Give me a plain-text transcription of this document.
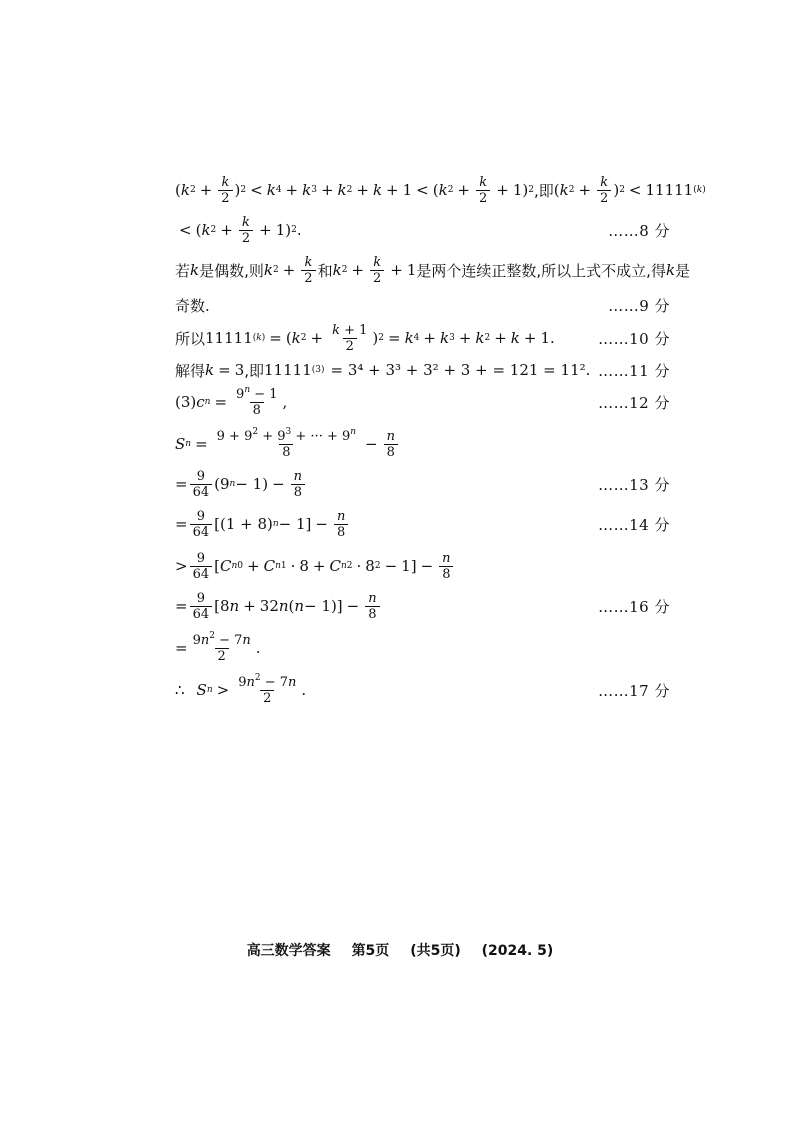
( k $2 + \frac{k}{2}$ ) 2 < k 4 + k 3 + k 2 + k + 1 < ( k $2 + \frac{k}{2} + 1$) 2 ,即 ( k $2 + \frac{k}{2}$ ) 2 < 11111 (k)
< ( k $2 + \frac{k}{2} + 1$) 2 .	……8 分
若 k 是偶数,则 k $2 + \frac{k}{2}$ 和 k $2 + \frac{k}{2} + 1$ 是两个连续正整数,所以上式不成立,得 k 是
奇数.	……9 分
所以 11111 (k) = ( k $2 + \frac{k + 1}{2}$ ) 2 = k 4 + k 3 + k 2 + k + 1.	……10 分
解得 k = 3 ,即 11111 (3) = 3⁴ + 3³ + 3² + 3 + = 121 = 11². ……11 分
(3) c $n = \frac{9^n - 1}{8}$ ,	……12 分
S $n = \frac{9 + 9^2 + 9^3 + \cdot\cdot\cdot + 9^n}{8} - \frac{n}{8}$
= $\frac{9}{64} (9$ $n - 1) - \frac{n}{8}$	……13 分
= $\frac{9}{64} [(1 + 8) n - 1] - \frac{n}{8}$	……14 分
> $\frac{9}{64}$ [ C n 0 + C n 1 · 8 + C n 2 · 8 $2 - 1] - \frac{n}{8}$
= $\frac{9}{64} [8$ n + 32 n ( $n - 1)] - \frac{n}{8}$	……16 分
= $\frac{9n^2 - 7n}{2}$ .
∴ S $n > \frac{9n^2 - 7n}{2}$ .	……17 分
高三数学答案 第5页 (共5页) (2024. 5)
